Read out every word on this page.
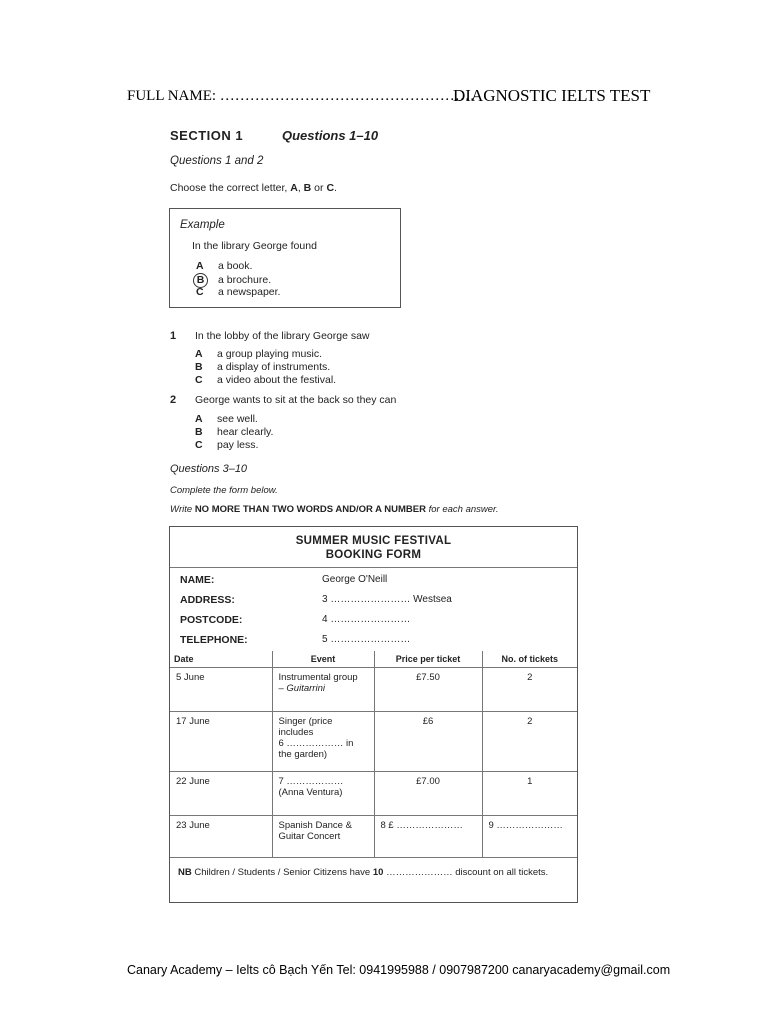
FULL NAME: ……………………………………………
DIAGNOSTIC IELTS TEST
SECTION 1	Questions 1–10
Questions 1 and 2
Choose the correct letter, A, B or C.
Example
In the library George found
A a book.
B a brochure.
C a newspaper.
1 In the lobby of the library George saw
A a group playing music.
B a display of instruments.
C a video about the festival.
2 George wants to sit at the back so they can
A see well.
B hear clearly.
C pay less.
Questions 3–10
Complete the form below.
Write NO MORE THAN TWO WORDS AND/OR A NUMBER for each answer.
SUMMER MUSIC FESTIVAL
BOOKING FORM
NAME:	George O'Neill
ADDRESS:	3 …………………… Westsea
POSTCODE:	4 ……………………
TELEPHONE:	5 ……………………
Date	Event	Price per ticket	No. of tickets
5 June	Instrumental group
– Guitarrini	£7.50	2
17 June	Singer (price includes
6 ……………… in the garden)	£6	2
22 June	7 ………………
(Anna Ventura)	£7.00	1
23 June	Spanish Dance &
Guitar Concert	8 £ …………………	9 …………………
NB Children / Students / Senior Citizens have 10 ………………… discount on all tickets.
Canary Academy – Ielts cô Bạch Yến Tel: 0941995988 / 0907987200 canaryacademy@gmail.com
